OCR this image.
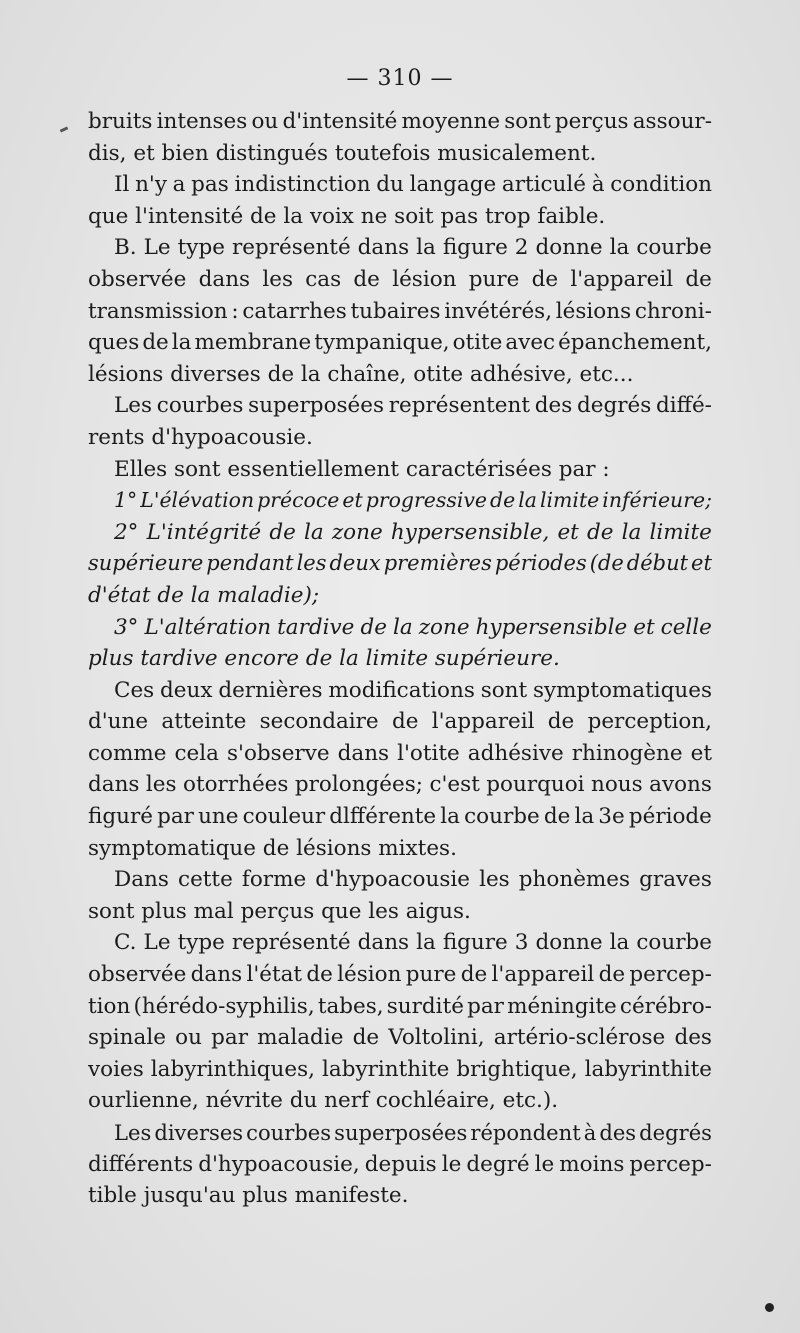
— 310 —
bruits intenses ou d'intensité moyenne sont perçus assour-
dis, et bien distingués toutefois musicalement.
Il n'y a pas indistinction du langage articulé à condition
que l'intensité de la voix ne soit pas trop faible.
B. Le type représenté dans la figure 2 donne la courbe
observée dans les cas de lésion pure de l'appareil de
transmission : catarrhes tubaires invétérés, lésions chroni-
ques de la membrane tympanique, otite avec épanchement,
lésions diverses de la chaîne, otite adhésive, etc...
Les courbes superposées représentent des degrés diffé-
rents d'hypoacousie.
Elles sont essentiellement caractérisées par :
1° L'élévation précoce et progressive de la limite inférieure;
2° L'intégrité de la zone hypersensible, et de la limite
supérieure pendant les deux premières périodes (de début et
d'état de la maladie);
3° L'altération tardive de la zone hypersensible et celle
plus tardive encore de la limite supérieure.
Ces deux dernières modifications sont symptomatiques
d'une atteinte secondaire de l'appareil de perception,
comme cela s'observe dans l'otite adhésive rhinogène et
dans les otorrhées prolongées; c'est pourquoi nous avons
figuré par une couleur dlfférente la courbe de la 3e période
symptomatique de lésions mixtes.
Dans cette forme d'hypoacousie les phonèmes graves
sont plus mal perçus que les aigus.
C. Le type représenté dans la figure 3 donne la courbe
observée dans l'état de lésion pure de l'appareil de percep-
tion (hérédo-syphilis, tabes, surdité par méningite cérébro-
spinale ou par maladie de Voltolini, artério-sclérose des
voies labyrinthiques, labyrinthite brightique, labyrinthite
ourlienne, névrite du nerf cochléaire, etc.).
Les diverses courbes superposées répondent à des degrés
différents d'hypoacousie, depuis le degré le moins percep-
tible jusqu'au plus manifeste.
